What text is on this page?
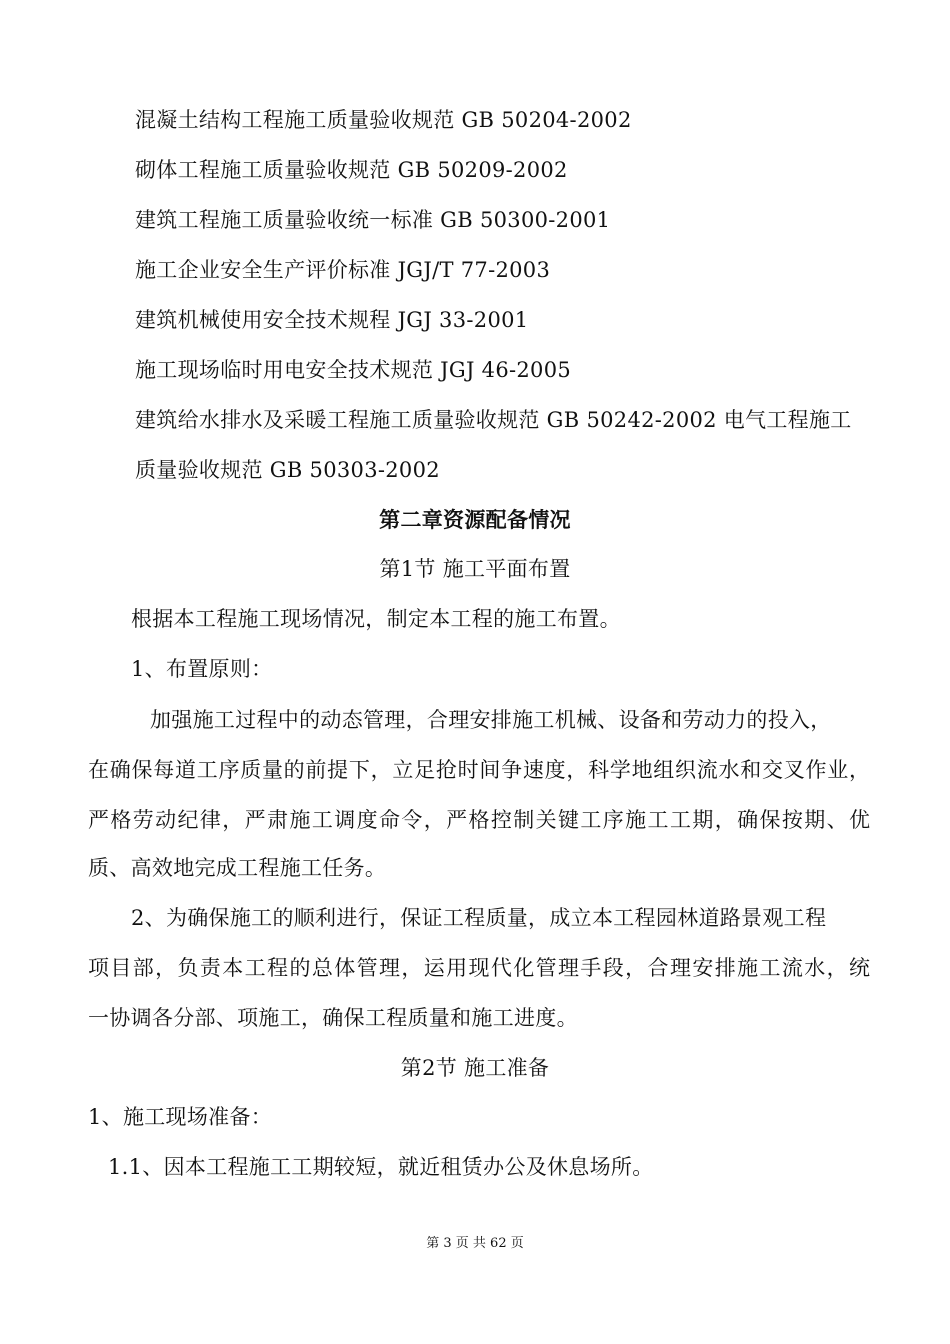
混凝土结构工程施工质量验收规范 GB 50204-2002
砌体工程施工质量验收规范 GB 50209-2002
建筑工程施工质量验收统一标准 GB 50300-2001
施工企业安全生产评价标准 JGJ/T 77-2003
建筑机械使用安全技术规程 JGJ 33-2001
施工现场临时用电安全技术规范 JGJ 46-2005
建筑给水排水及采暖工程施工质量验收规范 GB 50242-2002 电气工程施工
质量验收规范 GB 50303-2002
第二章资源配备情况
第1节 施工平面布置
根据本工程施工现场情况，制定本工程的施工布置。
1、布置原则：
加强施工过程中的动态管理，合理安排施工机械、设备和劳动力的投入，
在确保每道工序质量的前提下，立足抢时间争速度，科学地组织流水和交叉作业，
严格劳动纪律，严肃施工调度命令，严格控制关键工序施工工期，确保按期、优
质、高效地完成工程施工任务。
2、为确保施工的顺利进行，保证工程质量，成立本工程园林道路景观工程
项目部，负责本工程的总体管理，运用现代化管理手段，合理安排施工流水，统
一协调各分部、项施工，确保工程质量和施工进度。
第2节 施工准备
1、施工现场准备：
1.1、因本工程施工工期较短，就近租赁办公及休息场所。
第 3 页 共 62 页
